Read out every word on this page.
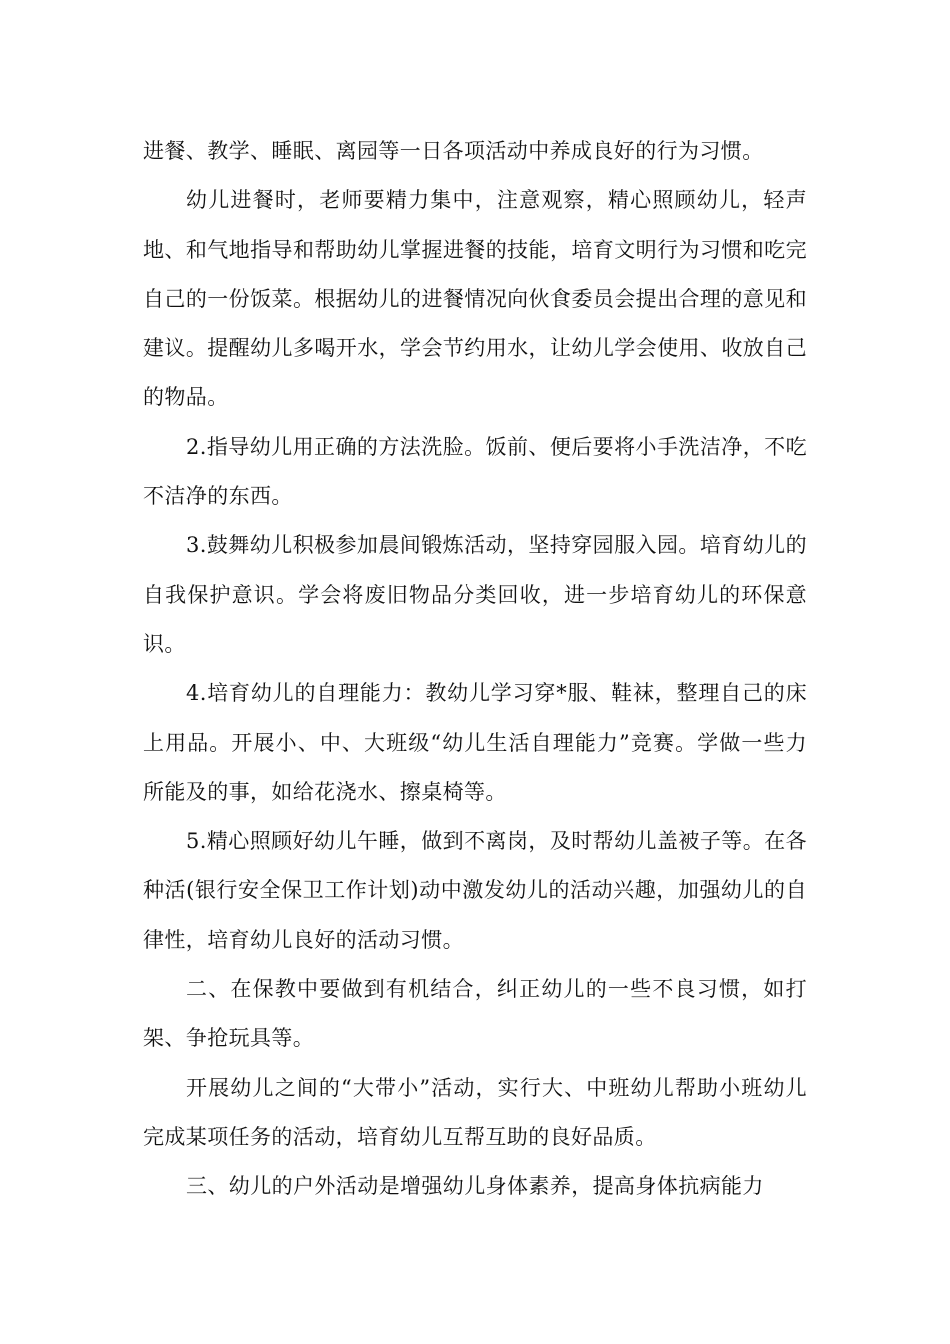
进餐、教学、睡眠、离园等一日各项活动中养成良好的行为习惯。

幼儿进餐时，老师要精力集中，注意观察，精心照顾幼儿，轻声地、和气地指导和帮助幼儿掌握进餐的技能，培育文明行为习惯和吃完自己的一份饭菜。根据幼儿的进餐情况向伙食委员会提出合理的意见和建议。提醒幼儿多喝开水，学会节约用水，让幼儿学会使用、收放自己的物品。

2.指导幼儿用正确的方法洗脸。饭前、便后要将小手洗洁净，不吃不洁净的东西。

3.鼓舞幼儿积极参加晨间锻炼活动，坚持穿园服入园。培育幼儿的自我保护意识。学会将废旧物品分类回收，进一步培育幼儿的环保意识。

4.培育幼儿的自理能力：教幼儿学习穿*服、鞋袜，整理自己的床上用品。开展小、中、大班级“幼儿生活自理能力”竞赛。学做一些力所能及的事，如给花浇水、擦桌椅等。

5.精心照顾好幼儿午睡，做到不离岗，及时帮幼儿盖被子等。在各种活(银行安全保卫工作计划)动中激发幼儿的活动兴趣，加强幼儿的自律性，培育幼儿良好的活动习惯。

二、在保教中要做到有机结合，纠正幼儿的一些不良习惯，如打架、争抢玩具等。

开展幼儿之间的“大带小”活动，实行大、中班幼儿帮助小班幼儿完成某项任务的活动，培育幼儿互帮互助的良好品质。

三、幼儿的户外活动是增强幼儿身体素养，提高身体抗病能力
